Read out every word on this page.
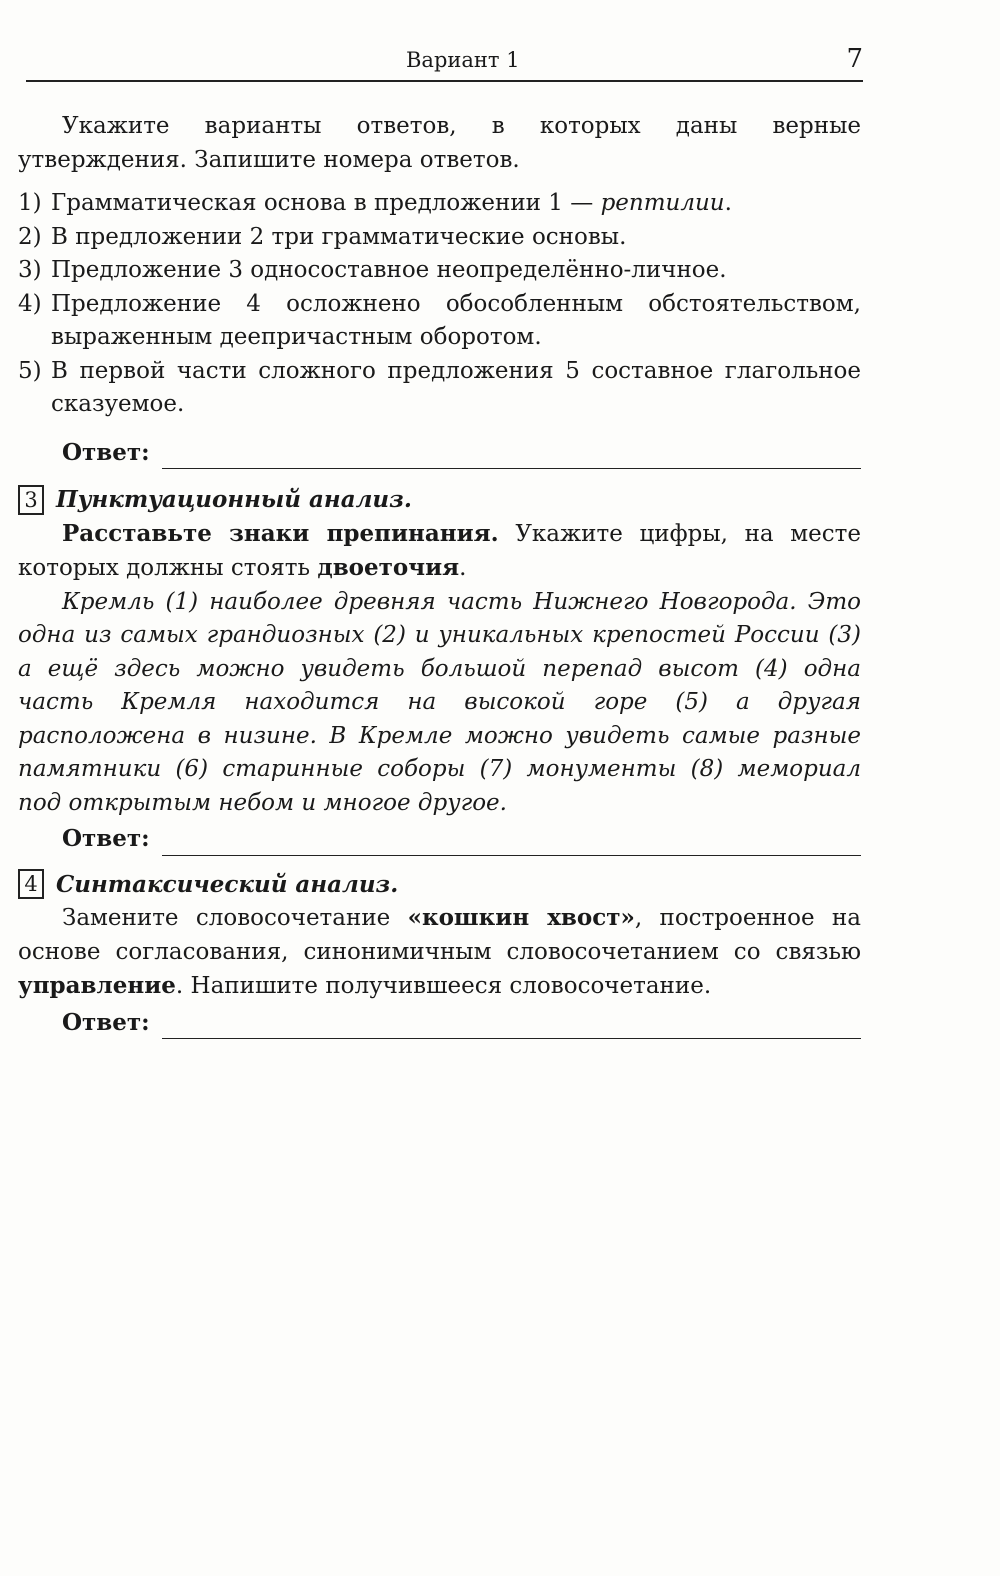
Вариант 1	7

Укажите варианты ответов, в которых даны верные утверждения. Запишите номера ответов.

1) Грамматическая основа в предложении 1 — рептилии.
2) В предложении 2 три грамматические основы.
3) Предложение 3 односоставное неопределённо-личное.
4) Предложение 4 осложнено обособленным обстоятельством, выраженным деепричастным оборотом.
5) В первой части сложного предложения 5 составное глагольное сказуемое.
Ответ:
3 Пунктуационный анализ.

Расставьте знаки препинания. Укажите цифры, на месте которых должны стоять двоеточия.

Кремль (1) наиболее древняя часть Нижнего Новгорода. Это одна из самых грандиозных (2) и уникальных крепостей России (3) а ещё здесь можно увидеть большой перепад высот (4) одна часть Кремля находится на высокой горе (5) а другая расположена в низине. В Кремле можно увидеть самые разные памятники (6) старинные соборы (7) монументы (8) мемориал под открытым небом и многое другое.

Ответ:
4 Синтаксический анализ.

Замените словосочетание «кошкин хвост», построенное на основе согласования, синонимичным словосочетанием со связью управление. Напишите получившееся словосочетание.

Ответ:
